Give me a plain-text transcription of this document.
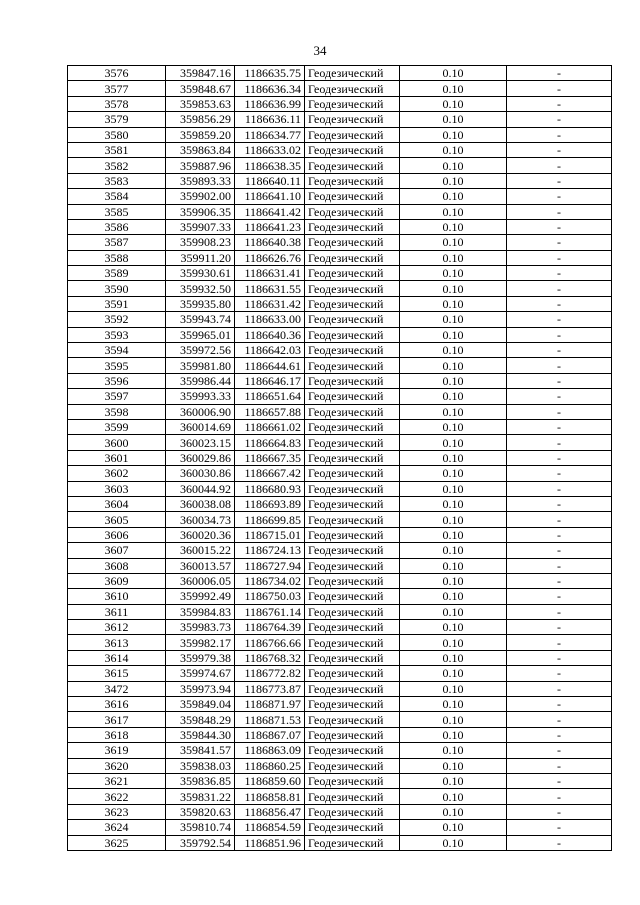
34
3576	359847.16	1186635.75	Геодезический	0.10	-
3577	359848.67	1186636.34	Геодезический	0.10	-
3578	359853.63	1186636.99	Геодезический	0.10	-
3579	359856.29	1186636.11	Геодезический	0.10	-
3580	359859.20	1186634.77	Геодезический	0.10	-
3581	359863.84	1186633.02	Геодезический	0.10	-
3582	359887.96	1186638.35	Геодезический	0.10	-
3583	359893.33	1186640.11	Геодезический	0.10	-
3584	359902.00	1186641.10	Геодезический	0.10	-
3585	359906.35	1186641.42	Геодезический	0.10	-
3586	359907.33	1186641.23	Геодезический	0.10	-
3587	359908.23	1186640.38	Геодезический	0.10	-
3588	359911.20	1186626.76	Геодезический	0.10	-
3589	359930.61	1186631.41	Геодезический	0.10	-
3590	359932.50	1186631.55	Геодезический	0.10	-
3591	359935.80	1186631.42	Геодезический	0.10	-
3592	359943.74	1186633.00	Геодезический	0.10	-
3593	359965.01	1186640.36	Геодезический	0.10	-
3594	359972.56	1186642.03	Геодезический	0.10	-
3595	359981.80	1186644.61	Геодезический	0.10	-
3596	359986.44	1186646.17	Геодезический	0.10	-
3597	359993.33	1186651.64	Геодезический	0.10	-
3598	360006.90	1186657.88	Геодезический	0.10	-
3599	360014.69	1186661.02	Геодезический	0.10	-
3600	360023.15	1186664.83	Геодезический	0.10	-
3601	360029.86	1186667.35	Геодезический	0.10	-
3602	360030.86	1186667.42	Геодезический	0.10	-
3603	360044.92	1186680.93	Геодезический	0.10	-
3604	360038.08	1186693.89	Геодезический	0.10	-
3605	360034.73	1186699.85	Геодезический	0.10	-
3606	360020.36	1186715.01	Геодезический	0.10	-
3607	360015.22	1186724.13	Геодезический	0.10	-
3608	360013.57	1186727.94	Геодезический	0.10	-
3609	360006.05	1186734.02	Геодезический	0.10	-
3610	359992.49	1186750.03	Геодезический	0.10	-
3611	359984.83	1186761.14	Геодезический	0.10	-
3612	359983.73	1186764.39	Геодезический	0.10	-
3613	359982.17	1186766.66	Геодезический	0.10	-
3614	359979.38	1186768.32	Геодезический	0.10	-
3615	359974.67	1186772.82	Геодезический	0.10	-
3472	359973.94	1186773.87	Геодезический	0.10	-
3616	359849.04	1186871.97	Геодезический	0.10	-
3617	359848.29	1186871.53	Геодезический	0.10	-
3618	359844.30	1186867.07	Геодезический	0.10	-
3619	359841.57	1186863.09	Геодезический	0.10	-
3620	359838.03	1186860.25	Геодезический	0.10	-
3621	359836.85	1186859.60	Геодезический	0.10	-
3622	359831.22	1186858.81	Геодезический	0.10	-
3623	359820.63	1186856.47	Геодезический	0.10	-
3624	359810.74	1186854.59	Геодезический	0.10	-
3625	359792.54	1186851.96	Геодезический	0.10	-
